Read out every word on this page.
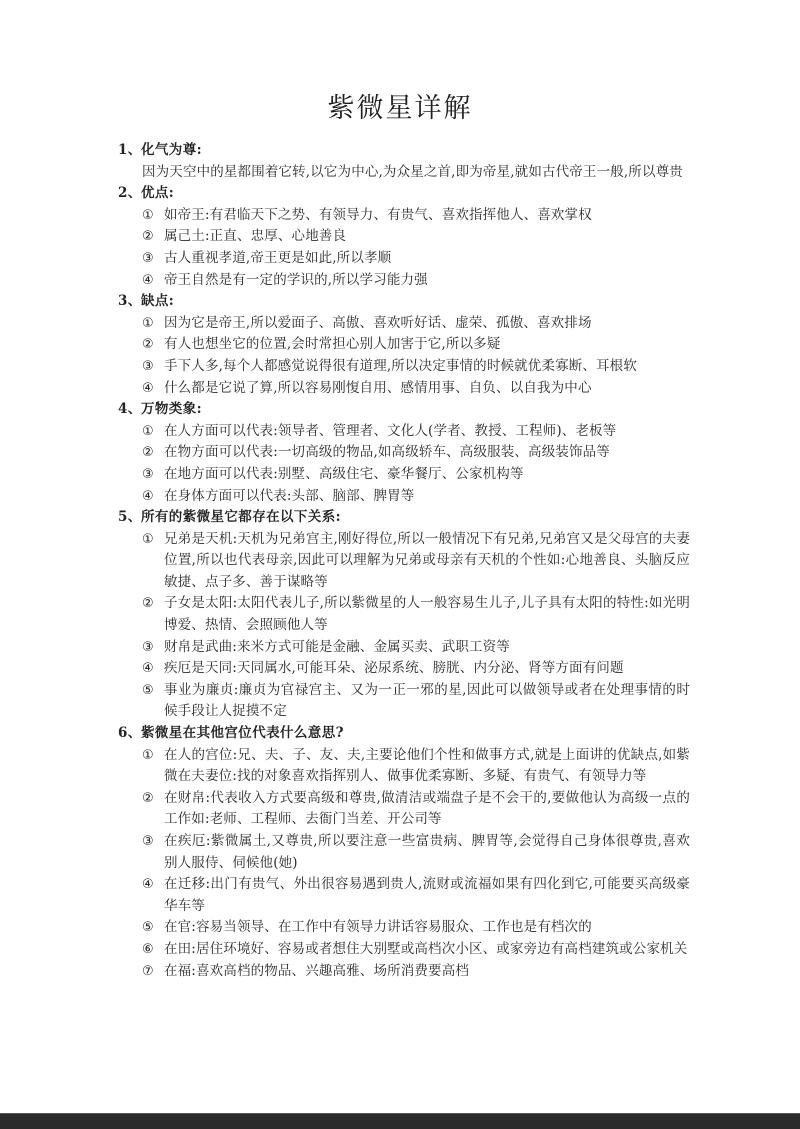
紫微星详解
1、 化气为尊:
因为天空中的星都围着它转,以它为中心,为众星之首,即为帝星,就如古代帝王一般,所以尊贵
2、 优点:
① 如帝王:有君临天下之势、有领导力、有贵气、喜欢指挥他人、喜欢掌权
② 属己土:正直、忠厚、心地善良
③ 古人重视孝道,帝王更是如此,所以孝顺
④ 帝王自然是有一定的学识的,所以学习能力强
3、 缺点:
① 因为它是帝王,所以爱面子、高傲、喜欢听好话、虚荣、孤傲、喜欢排场
② 有人也想坐它的位置,会时常担心别人加害于它,所以多疑
③ 手下人多,每个人都感觉说得很有道理,所以决定事情的时候就优柔寡断、耳根软
④ 什么都是它说了算,所以容易刚愎自用、感情用事、自负、以自我为中心
4、 万物类象:
① 在人方面可以代表:领导者、管理者、文化人(学者、教授、工程师)、老板等
② 在物方面可以代表:一切高级的物品,如高级轿车、高级服装、高级装饰品等
③ 在地方面可以代表:别墅、高级住宅、豪华餐厅、公家机构等
④ 在身体方面可以代表:头部、脑部、脾胃等
5、 所有的紫微星它都存在以下关系:
① 兄弟是天机:天机为兄弟宫主,刚好得位,所以一般情况下有兄弟,兄弟宫又是父母宫的夫妻位置,所以也代表母亲,因此可以理解为兄弟或母亲有天机的个性如:心地善良、头脑反应敏捷、点子多、善于谋略等
② 子女是太阳:太阳代表儿子,所以紫微星的人一般容易生儿子,儿子具有太阳的特性:如光明博爱、热情、会照顾他人等
③ 财帛是武曲:来米方式可能是金融、金属买卖、武职工资等
④ 疾厄是天同:天同属水,可能耳朵、泌尿系统、膀胱、内分泌、肾等方面有问题
⑤ 事业为廉贞:廉贞为官禄宫主、又为一正一邪的星,因此可以做领导或者在处理事情的时候手段让人捉摸不定
6、 紫微星在其他宫位代表什么意思?
① 在人的宫位:兄、夫、子、友、夫,主要论他们个性和做事方式,就是上面讲的优缺点,如紫微在夫妻位:找的对象喜欢指挥别人、做事优柔寡断、多疑、有贵气、有领导力等
② 在财帛:代表收入方式要高级和尊贵,做清洁或端盘子是不会干的,要做他认为高级一点的工作如:老师、工程师、去衙门当差、开公司等
③ 在疾厄:紫微属土,又尊贵,所以要注意一些富贵病、脾胃等,会觉得自己身体很尊贵,喜欢别人服侍、伺候他(她)
④ 在迁移:出门有贵气、外出很容易遇到贵人,流财或流福如果有四化到它,可能要买高级豪华车等
⑤ 在官:容易当领导、在工作中有领导力讲话容易服众、工作也是有档次的
⑥ 在田:居住环境好、容易或者想住大别墅或高档次小区、或家旁边有高档建筑或公家机关
⑦ 在福:喜欢高档的物品、兴趣高雅、场所消费要高档
